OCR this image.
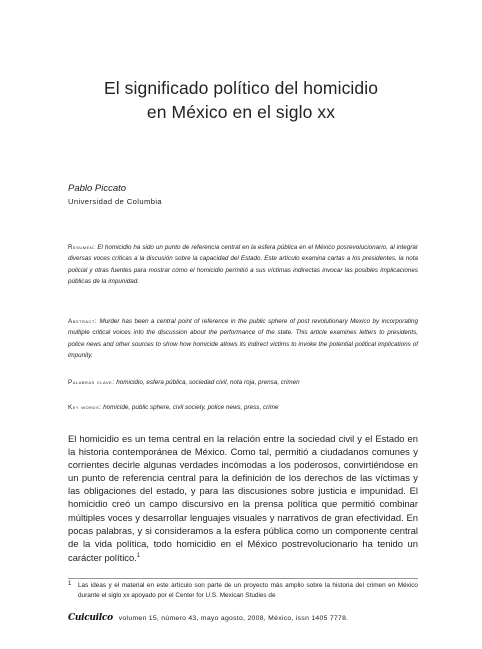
El significado político del homicidio
en México en el siglo xx
Pablo Piccato
Universidad de Columbia
Resumen: El homicidio ha sido un punto de referencia central en la esfera pública en el México posrevolucionario, al integrar diversas voces críticas a la discusión sobre la capacidad del Estado. Este artículo examina cartas a los presidentes, la nota policial y otras fuentes para mostrar cómo el homicidio permitió a sus víctimas indirectas invocar las posibles implicaciones públicas de la impunidad.
Abstract: Murder has been a central point of reference in the public sphere of post revolutionary Mexico by incorporating multiple critical voices into the discussion about the performance of the state. This article examines letters to presidents, police news and other sources to show how homicide allows its indirect victims to invoke the potential political implications of impunity.
Palabras clave: homicidio, esfera pública, sociedad civil, nota roja, prensa, crimen
Key words: homicide, public sphere, civil society, police news, press, crime
El homicidio es un tema central en la relación entre la sociedad civil y el Estado en la historia contemporánea de México. Como tal, permitió a ciudadanos comunes y corrientes decirle algunas verdades incómodas a los poderosos, convirtiéndose en un punto de referencia central para la definición de los derechos de las víctimas y las obligaciones del estado, y para las discusiones sobre justicia e impunidad. El homicidio creó un campo discursivo en la prensa política que permitió combinar múltiples voces y desarrollar lenguajes visuales y narrativos de gran efectividad. En pocas palabras, y si consideramos a la esfera pública como un componente central de la vida política, todo homicidio en el México postrevolucionario ha tenido un carácter político.$^1$
1 Las ideas y el material en este artículo son parte de un proyecto más amplio sobre la historia del crimen en México durante el siglo xx apoyado por el Center for U.S. Mexican Studies de
Cuicuilco volumen 15, número 43, mayo agosto, 2008, México, issn 1405 7778.
